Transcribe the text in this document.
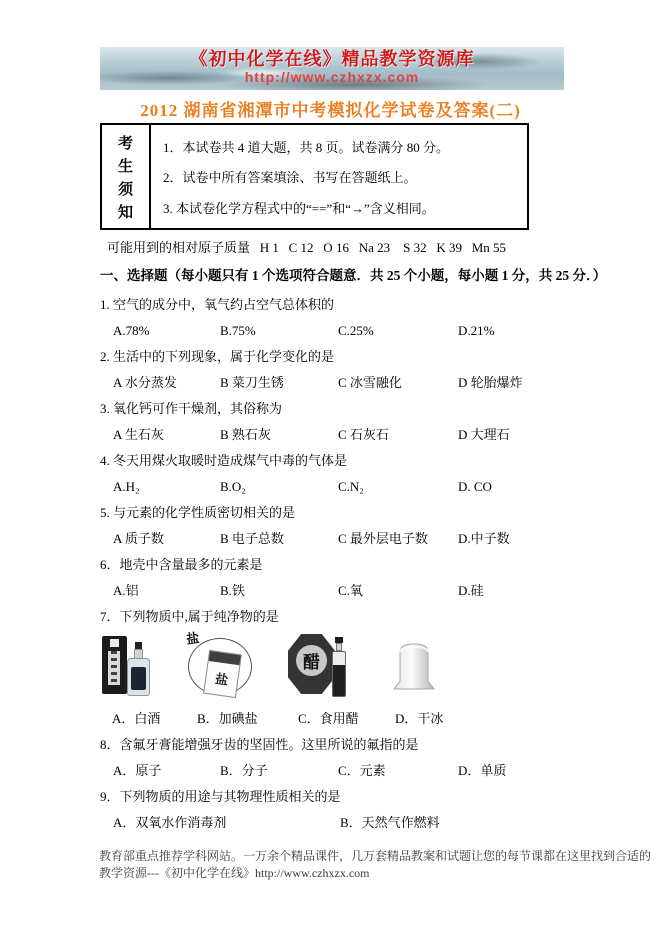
《初中化学在线》精品教学资源库
http://www.czhxzx.com
2012 湖南省湘潭市中考模拟化学试卷及答案(二)
考
生
须
知
1．本试卷共 4 道大题，共 8 页。试卷满分 80 分。
2．试卷中所有答案填涂、书写在答题纸上。
3. 本试卷化学方程式中的“==”和“→”含义相同。
可能用到的相对原子质量   H 1   C 12   O 16   Na 23    S 32   K 39   Mn 55
一、选择题（每小题只有 1 个选项符合题意．共 25 个小题，每小题 1 分，共 25 分．）
1. 空气的成分中，氧气约占空气总体积的
A.78%	B.75%	C.25%	D.21%
2. 生活中的下列现象，属于化学变化的是
A 水分蒸发	B 菜刀生锈	C 冰雪融化	D 轮胎爆炸
3. 氧化钙可作干燥剂，其俗称为
A 生石灰	B 熟石灰	C 石灰石	D 大理石
4. 冬天用煤火取暖时造成煤气中毒的气体是
A.H₂	B.O₂	C.N₂	D. CO
5. 与元素的化学性质密切相关的是
A 质子数	B 电子总数	C 最外层电子数	D.中子数
6．地壳中含量最多的元素是
A.铝	B.铁	C.氧	D.硅
7．下列物质中,属于纯净物的是
盐
盐
醋
A．白酒	B．加碘盐	C．食用醋	D．干冰
8．含氟牙膏能增强牙齿的坚固性。这里所说的氟指的是
A．原子	B．分子	C．元素	D．单质
9．下列物质的用途与其物理性质相关的是
A．双氧水作消毒剂	B．天然气作燃料
教育部重点推荐学科网站。一万余个精品课件，几万套精品教案和试题让您的每节课都在这里找到合适的
教学资源---《初中化学在线》http://www.czhxzx.com
